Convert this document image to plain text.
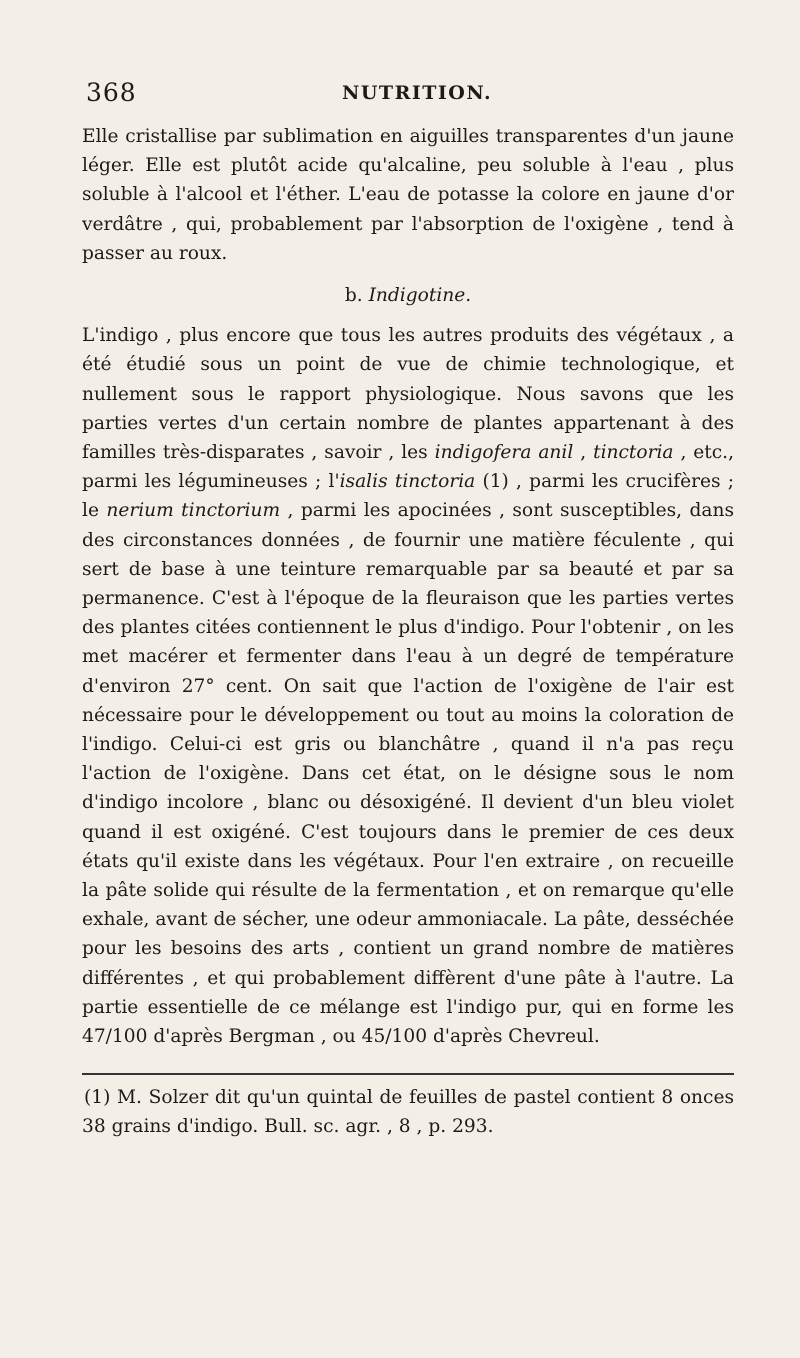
368	NUTRITION.

Elle cristallise par sublimation en aiguilles transparentes d'un jaune léger. Elle est plutôt acide qu'alcaline, peu soluble à l'eau , plus soluble à l'alcool et l'éther. L'eau de potasse la colore en jaune d'or verdâtre , qui, probablement par l'absorption de l'oxigène , tend à passer au roux.

b. Indigotine.

L'indigo , plus encore que tous les autres produits des végétaux , a été étudié sous un point de vue de chimie technologique, et nullement sous le rapport physiologique. Nous savons que les parties vertes d'un certain nombre de plantes appartenant à des familles très-disparates , savoir , les indigofera anil , tinctoria , etc., parmi les légumineuses ; l'isalis tinctoria (1) , parmi les crucifères ; le nerium tinctorium , parmi les apocinées , sont susceptibles, dans des circonstances données , de fournir une matière féculente , qui sert de base à une teinture remarquable par sa beauté et par sa permanence. C'est à l'époque de la fleuraison que les parties vertes des plantes citées contiennent le plus d'indigo. Pour l'obtenir , on les met macérer et fermenter dans l'eau à un degré de température d'environ 27° cent. On sait que l'action de l'oxigène de l'air est nécessaire pour le développement ou tout au moins la coloration de l'indigo. Celui-ci est gris ou blanchâtre , quand il n'a pas reçu l'action de l'oxigène. Dans cet état, on le désigne sous le nom d'indigo incolore , blanc ou désoxigéné. Il devient d'un bleu violet quand il est oxigéné. C'est toujours dans le premier de ces deux états qu'il existe dans les végétaux. Pour l'en extraire , on recueille la pâte solide qui résulte de la fermentation , et on remarque qu'elle exhale, avant de sécher, une odeur ammoniacale. La pâte, desséchée pour les besoins des arts , contient un grand nombre de matières différentes , et qui probablement diffèrent d'une pâte à l'autre. La partie essentielle de ce mélange est l'indigo pur, qui en forme les 47/100 d'après Bergman , ou 45/100 d'après Chevreul.

(1) M. Solzer dit qu'un quintal de feuilles de pastel contient 8 onces 38 grains d'indigo. Bull. sc. agr. , 8 , p. 293.
